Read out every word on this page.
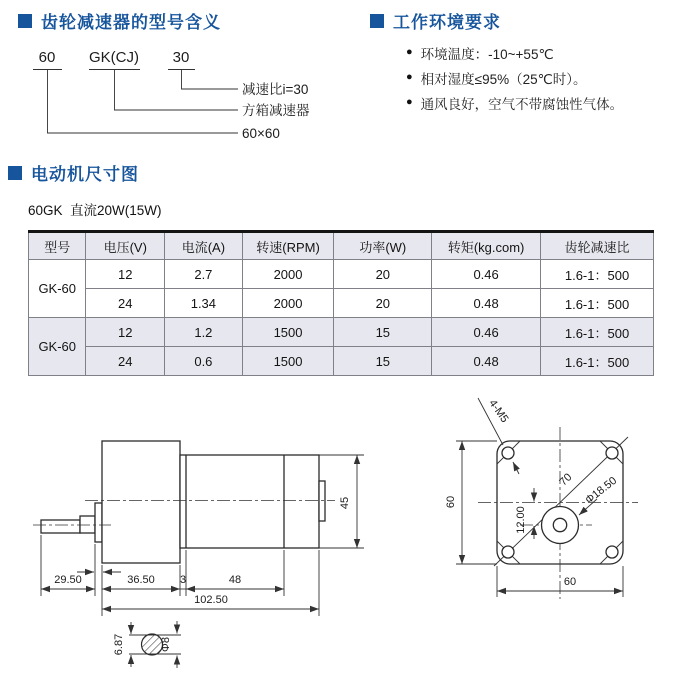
齿轮减速器的型号含义
60 GK(CJ) 30
减速比i=30
方箱减速器
60×60
工作环境要求
● 环境温度：-10~+55℃
● 相对湿度≤95%（25℃时）。
● 通风良好，空气不带腐蚀性气体。
电动机尺寸图
60GK  直流20W(15W)
型号	电压(V)	电流(A)	转速(RPM)	功率(W)	转矩(kg.com)	齿轮减速比
GK-60	12	2.7	2000	20	0.46	1.6-1：500
	24	1.34	2000	20	0.48	1.6-1：500
GK-60	12	1.2	1500	15	0.46	1.6-1：500
	24	0.6	1500	15	0.48	1.6-1：500
45
29.50	36.50 3	48
102.50
6.87	Φ8
4-M5
70 Φ18.50
12.00
60
60
